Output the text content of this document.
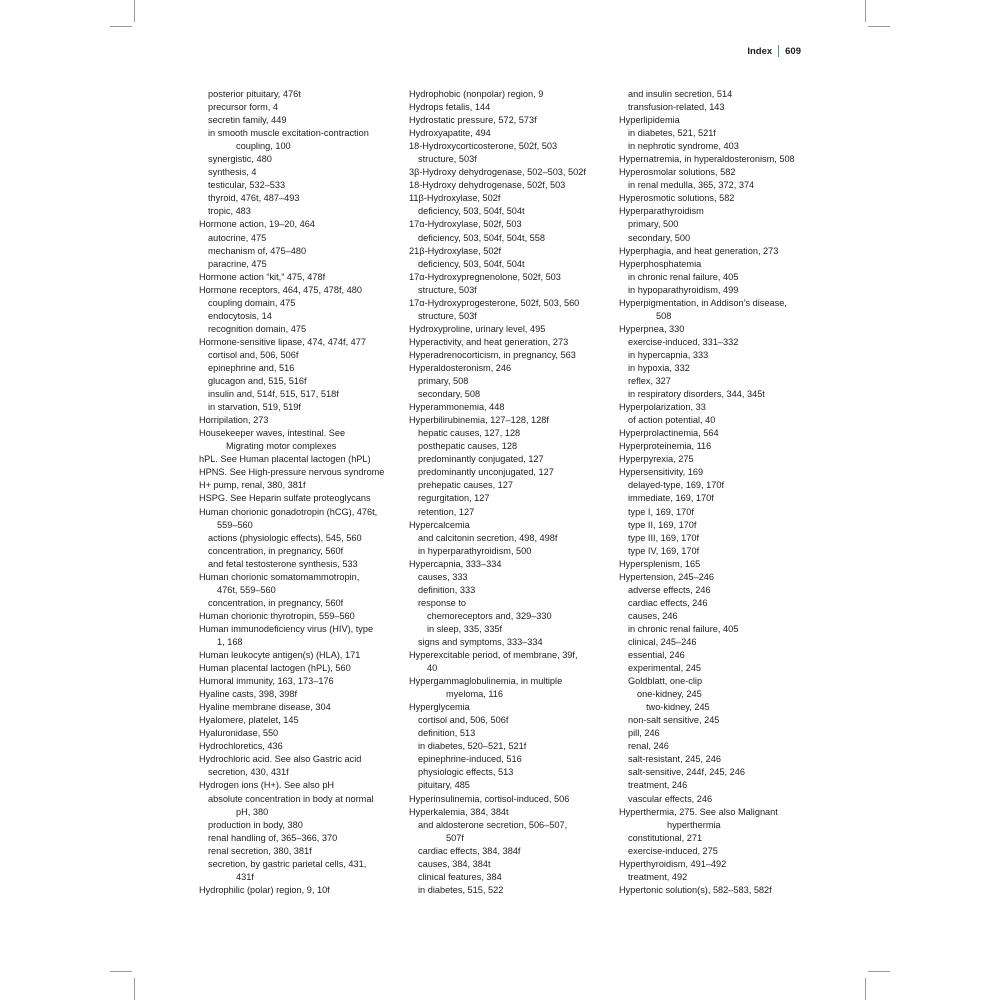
Index 609
posterior pituitary, 476t
precursor form, 4
secretin family, 449
in smooth muscle excitation-contraction
coupling, 100
synergistic, 480
synthesis, 4
testicular, 532–533
thyroid, 476t, 487–493
tropic, 483
Hormone action, 19–20, 464
autocrine, 475
mechanism of, 475–480
paracrine, 475
Hormone action “kit,” 475, 478f
Hormone receptors, 464, 475, 478f, 480
coupling domain, 475
endocytosis, 14
recognition domain, 475
Hormone-sensitive lipase, 474, 474f, 477
cortisol and, 506, 506f
epinephrine and, 516
glucagon and, 515, 516f
insulin and, 514f, 515, 517, 518f
in starvation, 519, 519f
Horripilation, 273
Housekeeper waves, intestinal. See
Migrating motor complexes
hPL. See Human placental lactogen (hPL)
HPNS. See High-pressure nervous syndrome
H+ pump, renal, 380, 381f
HSPG. See Heparin sulfate proteoglycans
Human chorionic gonadotropin (hCG), 476t,
559–560
actions (physiologic effects), 545, 560
concentration, in pregnancy, 560f
and fetal testosterone synthesis, 533
Human chorionic somatomammotropin,
476t, 559–560
concentration, in pregnancy, 560f
Human chorionic thyrotropin, 559–560
Human immunodeficiency virus (HIV), type
1, 168
Human leukocyte antigen(s) (HLA), 171
Human placental lactogen (hPL), 560
Humoral immunity, 163, 173–176
Hyaline casts, 398, 398f
Hyaline membrane disease, 304
Hyalomere, platelet, 145
Hyaluronidase, 550
Hydrochloretics, 436
Hydrochloric acid. See also Gastric acid
secretion, 430, 431f
Hydrogen ions (H+). See also pH
absolute concentration in body at normal
pH, 380
production in body, 380
renal handling of, 365–366, 370
renal secretion, 380, 381f
secretion, by gastric parietal cells, 431,
431f
Hydrophilic (polar) region, 9, 10f
Hydrophobic (nonpolar) region, 9
Hydrops fetalis, 144
Hydrostatic pressure, 572, 573f
Hydroxyapatite, 494
18-Hydroxycorticosterone, 502f, 503
structure, 503f
3β-Hydroxy dehydrogenase, 502–503, 502f
18-Hydroxy dehydrogenase, 502f, 503
11β-Hydroxylase, 502f
deficiency, 503, 504f, 504t
17α-Hydroxylase, 502f, 503
deficiency, 503, 504f, 504t, 558
21β-Hydroxylase, 502f
deficiency, 503, 504f, 504t
17α-Hydroxypregnenolone, 502f, 503
structure, 503f
17α-Hydroxyprogesterone, 502f, 503, 560
structure, 503f
Hydroxyproline, urinary level, 495
Hyperactivity, and heat generation, 273
Hyperadrenocorticism, in pregnancy, 563
Hyperaldosteronism, 246
primary, 508
secondary, 508
Hyperammonemia, 448
Hyperbilirubinemia, 127–128, 128f
hepatic causes, 127, 128
posthepatic causes, 128
predominantly conjugated, 127
predominantly unconjugated, 127
prehepatic causes, 127
regurgitation, 127
retention, 127
Hypercalcemia
and calcitonin secretion, 498, 498f
in hyperparathyroidism, 500
Hypercapnia, 333–334
causes, 333
definition, 333
response to
chemoreceptors and, 329–330
in sleep, 335, 335f
signs and symptoms, 333–334
Hyperexcitable period, of membrane, 39f,
40
Hypergammaglobulinemia, in multiple
myeloma, 116
Hyperglycemia
cortisol and, 506, 506f
definition, 513
in diabetes, 520–521, 521f
epinephrine-induced, 516
physiologic effects, 513
pituitary, 485
Hyperinsulinemia, cortisol-induced, 506
Hyperkalemia, 384, 384t
and aldosterone secretion, 506–507,
507f
cardiac effects, 384, 384f
causes, 384, 384t
clinical features, 384
in diabetes, 515, 522
and insulin secretion, 514
transfusion-related, 143
Hyperlipidemia
in diabetes, 521, 521f
in nephrotic syndrome, 403
Hypernatremia, in hyperaldosteronism, 508
Hyperosmolar solutions, 582
in renal medulla, 365, 372, 374
Hyperosmotic solutions, 582
Hyperparathyroidism
primary, 500
secondary, 500
Hyperphagia, and heat generation, 273
Hyperphosphatemia
in chronic renal failure, 405
in hypoparathyroidism, 499
Hyperpigmentation, in Addison’s disease,
508
Hyperpnea, 330
exercise-induced, 331–332
in hypercapnia, 333
in hypoxia, 332
reflex, 327
in respiratory disorders, 344, 345t
Hyperpolarization, 33
of action potential, 40
Hyperprolactinemia, 564
Hyperproteinemia, 116
Hyperpyrexia, 275
Hypersensitivity, 169
delayed-type, 169, 170f
immediate, 169, 170f
type I, 169, 170f
type II, 169, 170f
type III, 169, 170f
type IV, 169, 170f
Hypersplenism, 165
Hypertension, 245–246
adverse effects, 246
cardiac effects, 246
causes, 246
in chronic renal failure, 405
clinical, 245–246
essential, 246
experimental, 245
Goldblatt, one-clip
one-kidney, 245
two-kidney, 245
non-salt sensitive, 245
pill, 246
renal, 246
salt-resistant, 245, 246
salt-sensitive, 244f, 245, 246
treatment, 246
vascular effects, 246
Hyperthermia, 275. See also Malignant
hyperthermia
constitutional, 271
exercise-induced, 275
Hyperthyroidism, 491–492
treatment, 492
Hypertonic solution(s), 582–583, 582f
